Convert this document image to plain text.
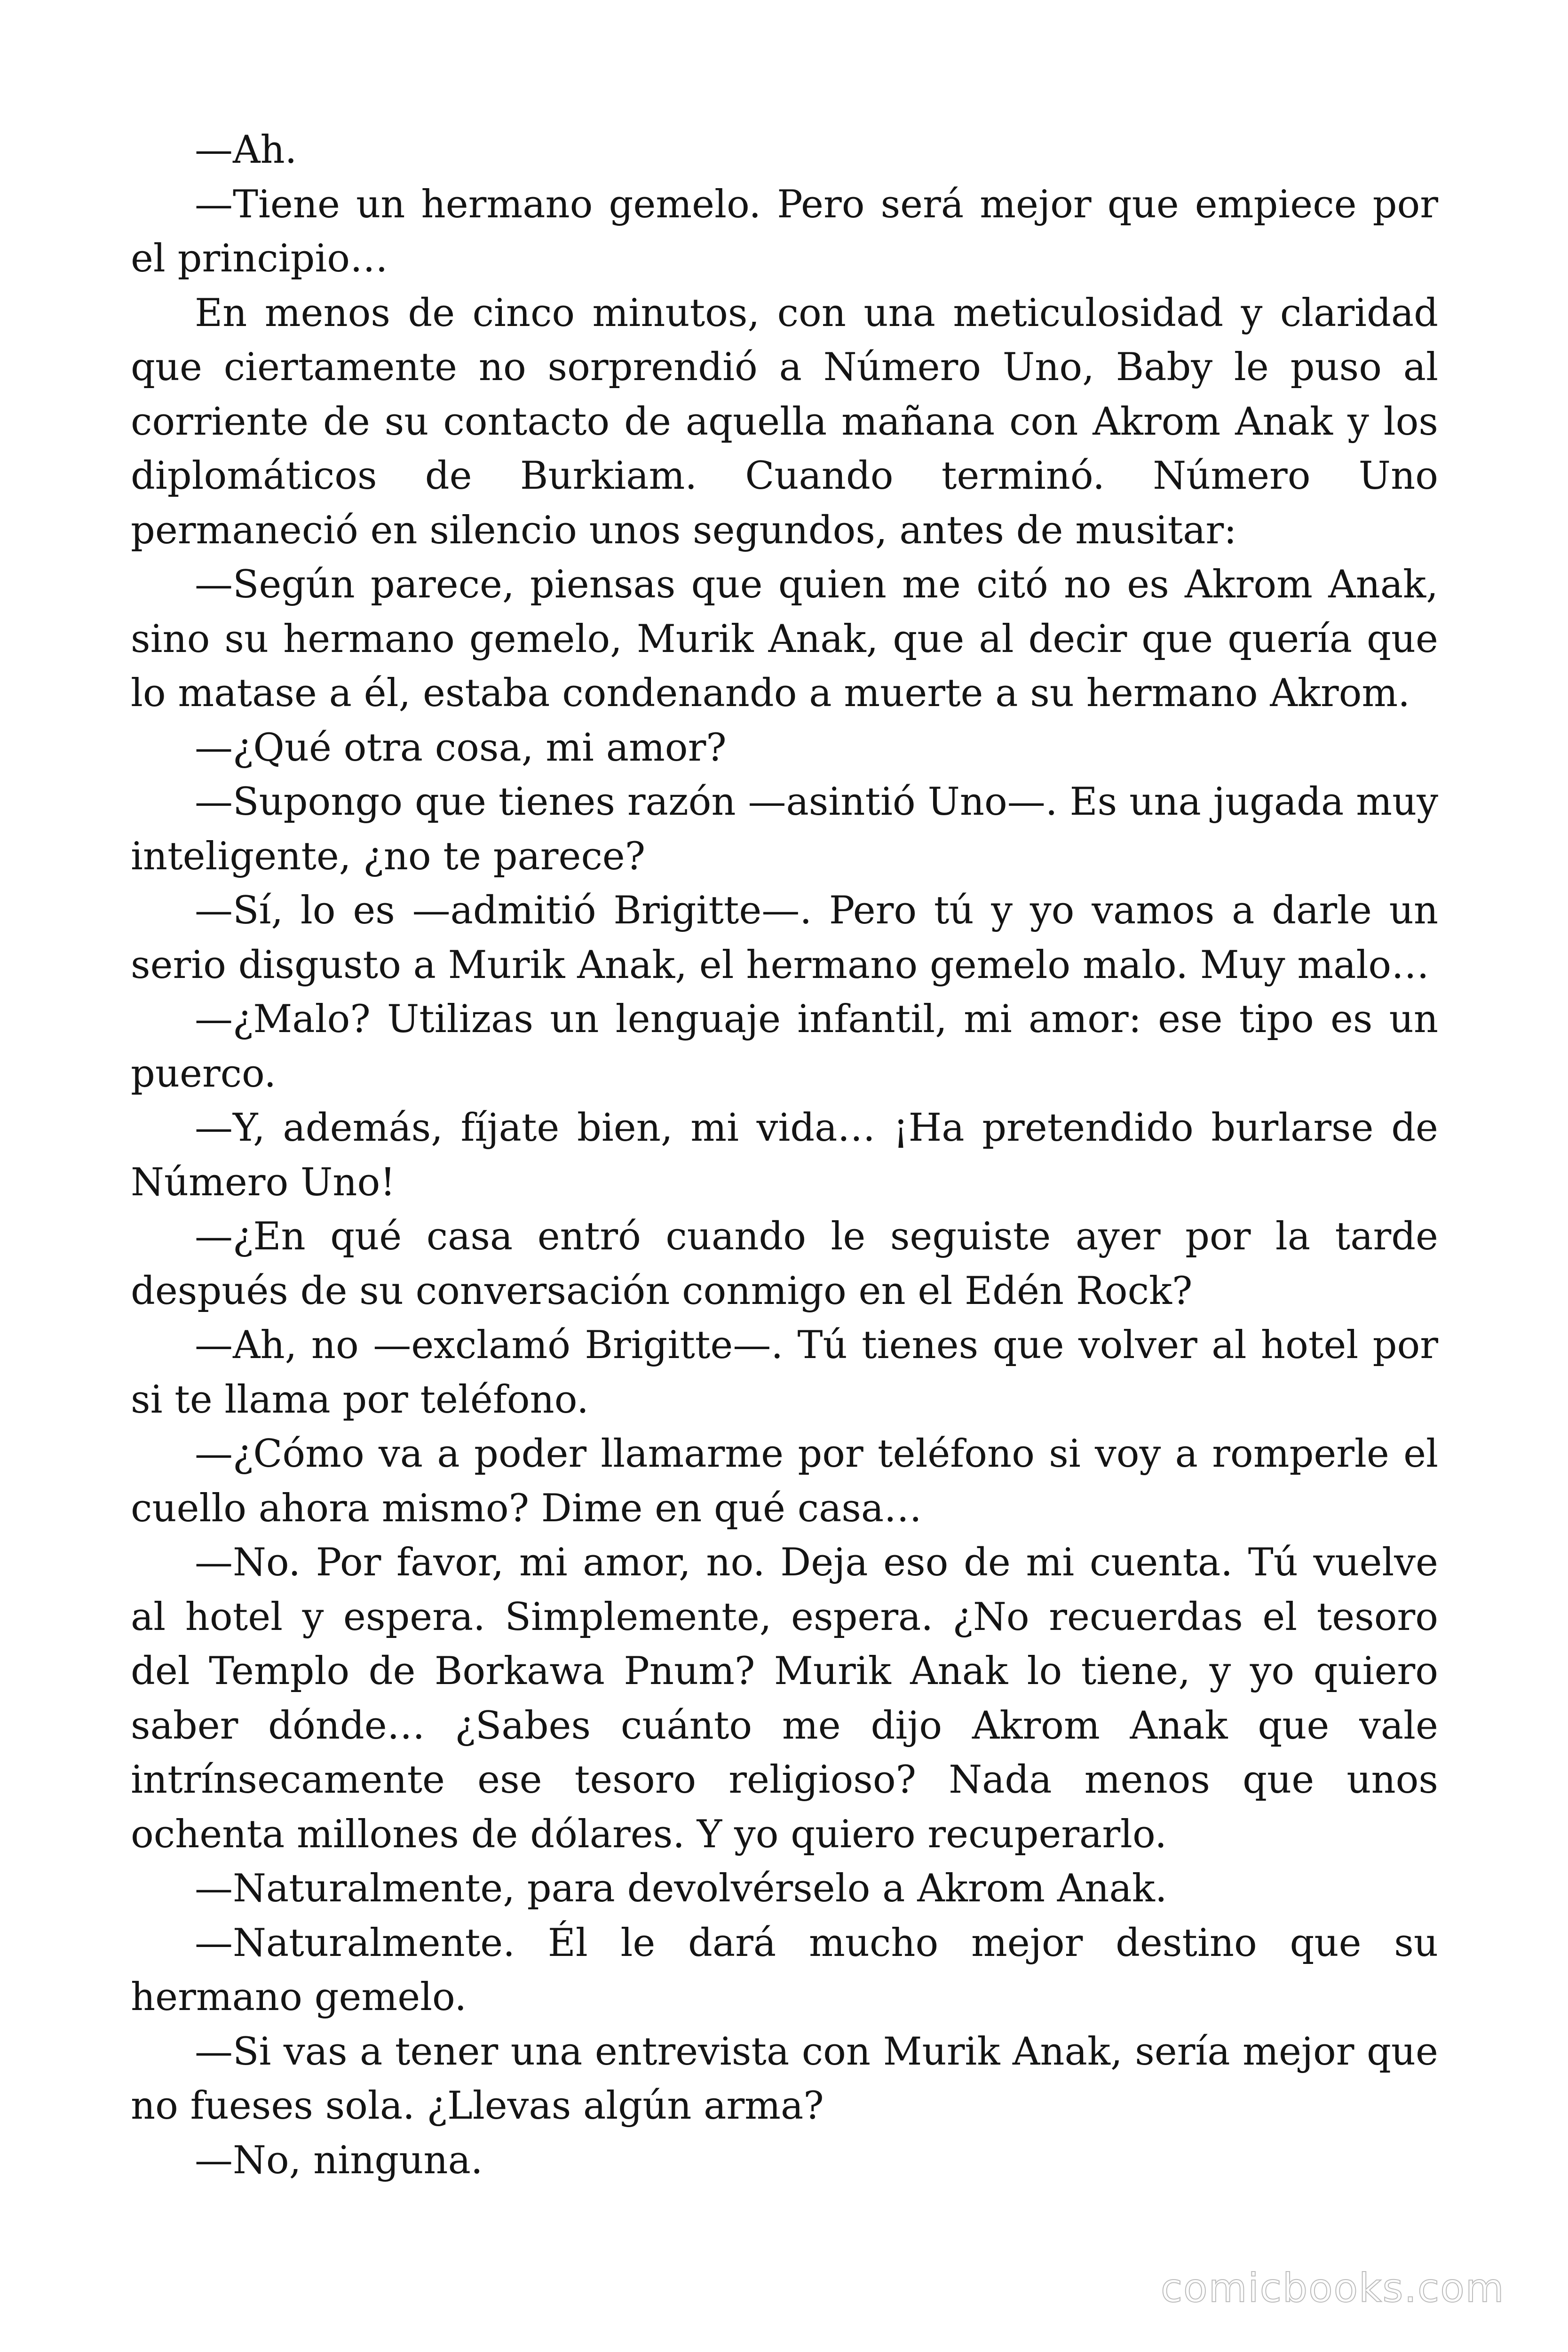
—Ah.

—Tiene un hermano gemelo. Pero será mejor que empiece por el principio…

En menos de cinco minutos, con una meticulosidad y claridad que ciertamente no sorprendió a Número Uno, Baby le puso al corriente de su contacto de aquella mañana con Akrom Anak y los diplomáticos de Burkiam. Cuando terminó. Número Uno permaneció en silencio unos segundos, antes de musitar:

—Según parece, piensas que quien me citó no es Akrom Anak, sino su hermano gemelo, Murik Anak, que al decir que quería que lo matase a él, estaba condenando a muerte a su hermano Akrom.

—¿Qué otra cosa, mi amor?

—Supongo que tienes razón —asintió Uno—. Es una jugada muy inteligente, ¿no te parece?

—Sí, lo es —admitió Brigitte—. Pero tú y yo vamos a darle un serio disgusto a Murik Anak, el hermano gemelo malo. Muy malo…

—¿Malo? Utilizas un lenguaje infantil, mi amor: ese tipo es un puerco.

—Y, además, fíjate bien, mi vida… ¡Ha pretendido burlarse de Número Uno!

—¿En qué casa entró cuando le seguiste ayer por la tarde después de su conversación conmigo en el Edén Rock?

—Ah, no —exclamó Brigitte—. Tú tienes que volver al hotel por si te llama por teléfono.

—¿Cómo va a poder llamarme por teléfono si voy a romperle el cuello ahora mismo? Dime en qué casa…

—No. Por favor, mi amor, no. Deja eso de mi cuenta. Tú vuelve al hotel y espera. Simplemente, espera. ¿No recuerdas el tesoro del Templo de Borkawa Pnum? Murik Anak lo tiene, y yo quiero saber dónde… ¿Sabes cuánto me dijo Akrom Anak que vale intrínsecamente ese tesoro religioso? Nada menos que unos ochenta millones de dólares. Y yo quiero recuperarlo.

—Naturalmente, para devolvérselo a Akrom Anak.

—Naturalmente. Él le dará mucho mejor destino que su hermano gemelo.

—Si vas a tener una entrevista con Murik Anak, sería mejor que no fueses sola. ¿Llevas algún arma?

—No, ninguna.

comicbooks.com
